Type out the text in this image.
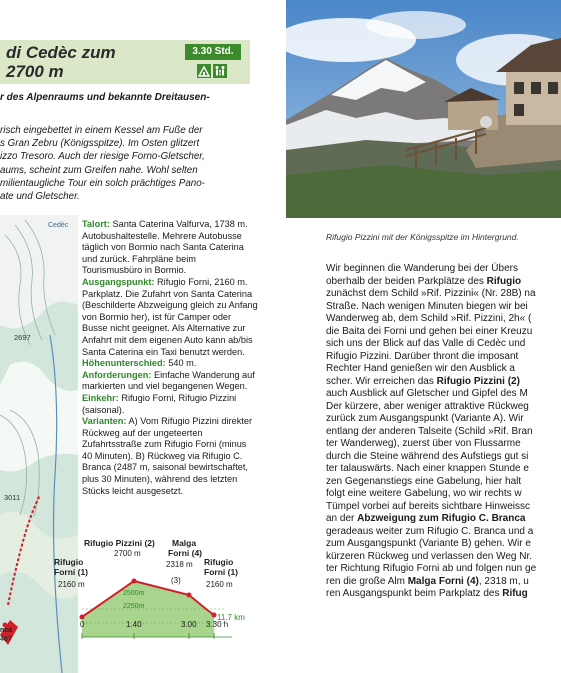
di Cedèc zum
2700 m
3.30 Std.
r des Alpenraums und bekannte Dreitausen-
risch eingebettet in einem Kessel am Fuße der
s Gran Zebru (Königsspitze). Im Osten glitzert
izzo Tresoro. Auch der riesige Forno-Gletscher,
aums, scheint zum Greifen nahe. Wohl selten
milientaugliche Tour ein solch prächtiges Pano-
ate und Gletscher.
Cedèc
2697
3011
nca
487

Talort: Santa Caterina Valfurva, 1738 m. Autobushaltestelle. Mehrere Autobusse täglich von Bormio nach Santa Caterina und zurück. Fahrpläne beim Tourismusbüro in Bormio.

Ausgangspunkt: Rifugio Forni, 2160 m. Parkplatz. Die Zufahrt von Santa Caterina (Beschilderte Abzweigung gleich zu Anfang von Bormio her), ist für Camper oder Busse nicht geeignet. Als Alternative zur Anfahrt mit dem eigenen Auto kann ab/bis Santa Caterina ein Taxi benutzt werden.

Höhenunterschied: 540 m.

Anforderungen: Einfache Wanderung auf markierten und viel begangenen Wegen.

Einkehr: Rifugio Forni, Rifugio Pizzini (saisonal).

Varianten: A) Vom Rifugio Pizzini direkter Rückweg auf der ungeteerten Zufahrtsstraße zum Rifugio Forni (minus 40 Minuten). B) Rückweg via Rifugio C. Branca (2487 m, saisonal bewirtschaftet, plus 30 Minuten), während des letzten Stücks leicht ausgesetzt.

Rifugio Forni (1)
2160 m
Rifugio Pizzini (2)
2700 m
Malga Forni (4)
2318 m Rifugio Forni (1)
2160 m
(3)
2500m
2250m
11.7 km
0	1.40	3.00 3.30 h
Rifugio Pizzini mit der Königsspitze im Hintergrund.
Wir beginnen die Wanderung bei der Übers
oberhalb der beiden Parkplätze des Rifugio
zunächst dem Schild »Rif. Pizzini« (Nr. 28B) na
Straße. Nach wenigen Minuten biegen wir bei
Wanderweg ab, dem Schild »Rif. Pizzini, 2h« (
die Baita dei Forni und gehen bei einer Kreuzu
sich uns der Blick auf das Valle di Cedèc und
Rifugio Pizzini. Darüber thront die imposant
Rechter Hand genießen wir den Ausblick a
scher. Wir erreichen das Rifugio Pizzini (2)
auch Ausblick auf Gletscher und Gipfel des M
Der kürzere, aber weniger attraktive Rückweg
zurück zum Ausgangspunkt (Variante A). Wir
entlang der anderen Talseite (Schild »Rif. Bran
ter Wanderweg), zuerst über von Flussarme
durch die Steine während des Aufstiegs gut si
ter talauswärts. Nach einer knappen Stunde e
zen Gegenanstiegs eine Gabelung, hier halt
folgt eine weitere Gabelung, wo wir rechts w
Tümpel vorbei auf bereits sichtbare Hinweissc
an der Abzweigung zum Rifugio C. Branca
geradeaus weiter zum Rifugio C. Branca und a
zum Ausgangspunkt (Variante B) gehen. Wir e
kürzeren Rückweg und verlassen den Weg Nr.
ter Richtung Rifugio Forni ab und folgen nun ge
ren die große Alm Malga Forni (4), 2318 m, u
ren Ausgangspunkt beim Parkplatz des Rifug
